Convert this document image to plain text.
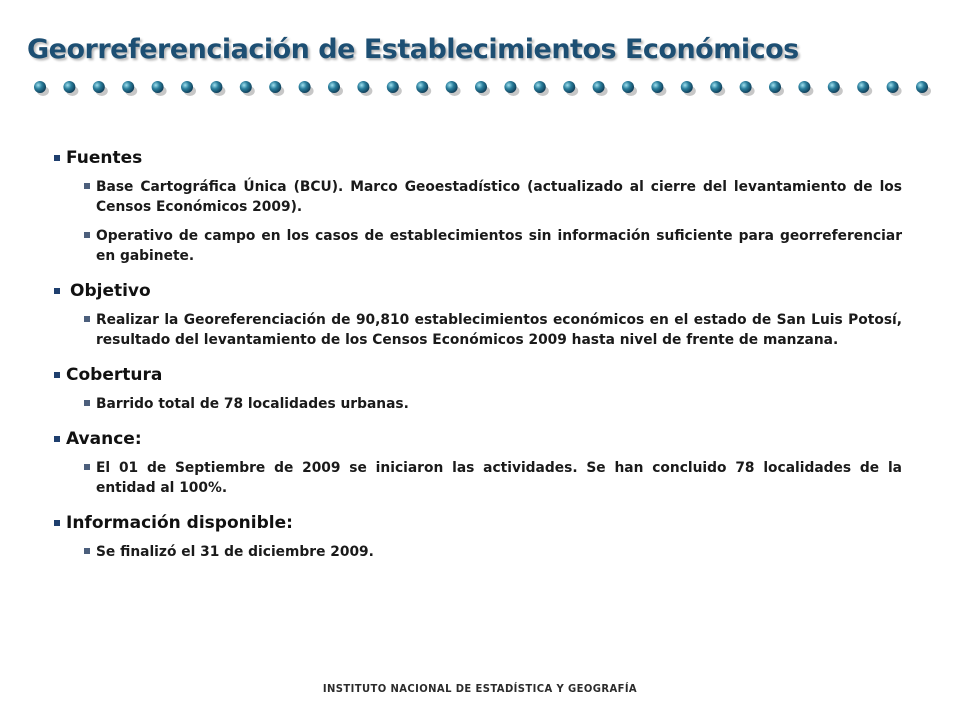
Georreferenciación de Establecimientos Económicos
Fuentes
Base Cartográfica Única (BCU). Marco Geoestadístico (actualizado al cierre del levantamiento de los Censos Económicos 2009).
Operativo de campo en los casos de establecimientos sin información suficiente para georreferenciar en gabinete.
Objetivo
Realizar la Georeferenciación de 90,810 establecimientos económicos en el estado de San Luis Potosí, resultado del levantamiento de los Censos Económicos 2009 hasta nivel de frente de manzana.
Cobertura
Barrido total de 78 localidades urbanas.
Avance:
El 01 de Septiembre de 2009 se iniciaron las actividades. Se han concluido 78 localidades de la entidad al 100%.
Información disponible:
Se finalizó el 31 de diciembre 2009.
INSTITUTO NACIONAL DE ESTADÍSTICA Y GEOGRAFÍA
